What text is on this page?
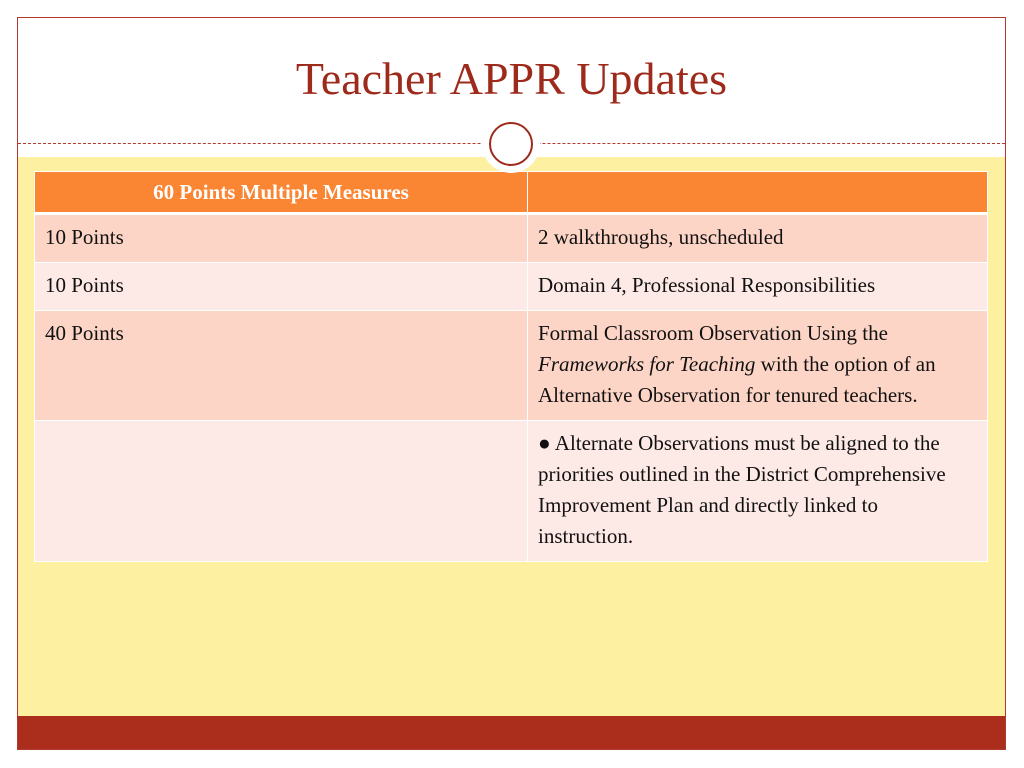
Teacher APPR Updates
60 Points Multiple Measures	
10 Points	2 walkthroughs, unscheduled
10 Points	Domain 4, Professional Responsibilities
40 Points	Formal Classroom Observation Using the Frameworks for Teaching with the option of an Alternative Observation for tenured teachers.
	● Alternate Observations must be aligned to the priorities outlined in the District Comprehensive Improvement Plan and directly linked to instruction.
